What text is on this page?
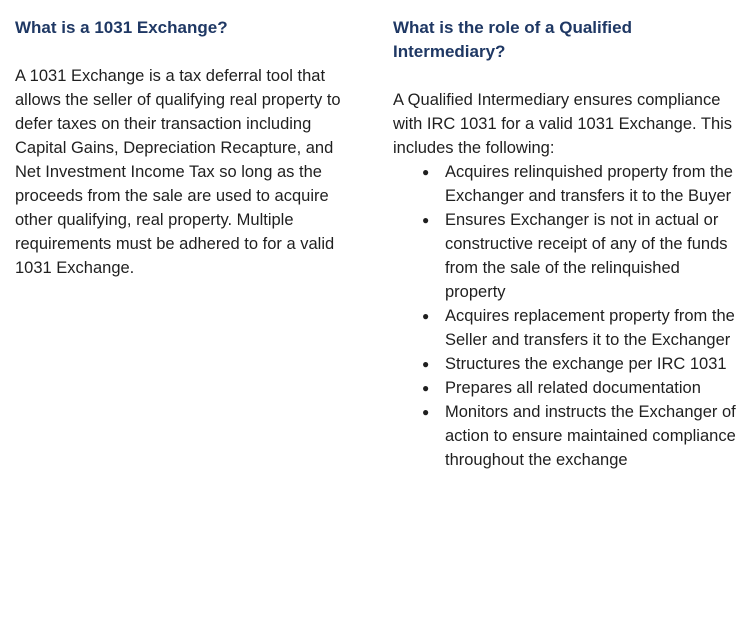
What is a 1031 Exchange?

A 1031 Exchange is a tax deferral tool that allows the seller of qualifying real property to defer taxes on their transaction including Capital Gains, Depreciation Recapture, and Net Investment Income Tax so long as the proceeds from the sale are used to acquire other qualifying, real property. Multiple requirements must be adhered to for a valid 1031 Exchange.

What is the role of a Qualified Intermediary?

A Qualified Intermediary ensures compliance with IRC 1031 for a valid 1031 Exchange. This includes the following:

● Acquires relinquished property from the Exchanger and transfers it to the Buyer
● Ensures Exchanger is not in actual or constructive receipt of any of the funds from the sale of the relinquished property
● Acquires replacement property from the Seller and transfers it to the Exchanger
● Structures the exchange per IRC 1031
● Prepares all related documentation
● Monitors and instructs the Exchanger of action to ensure maintained compliance throughout the exchange
